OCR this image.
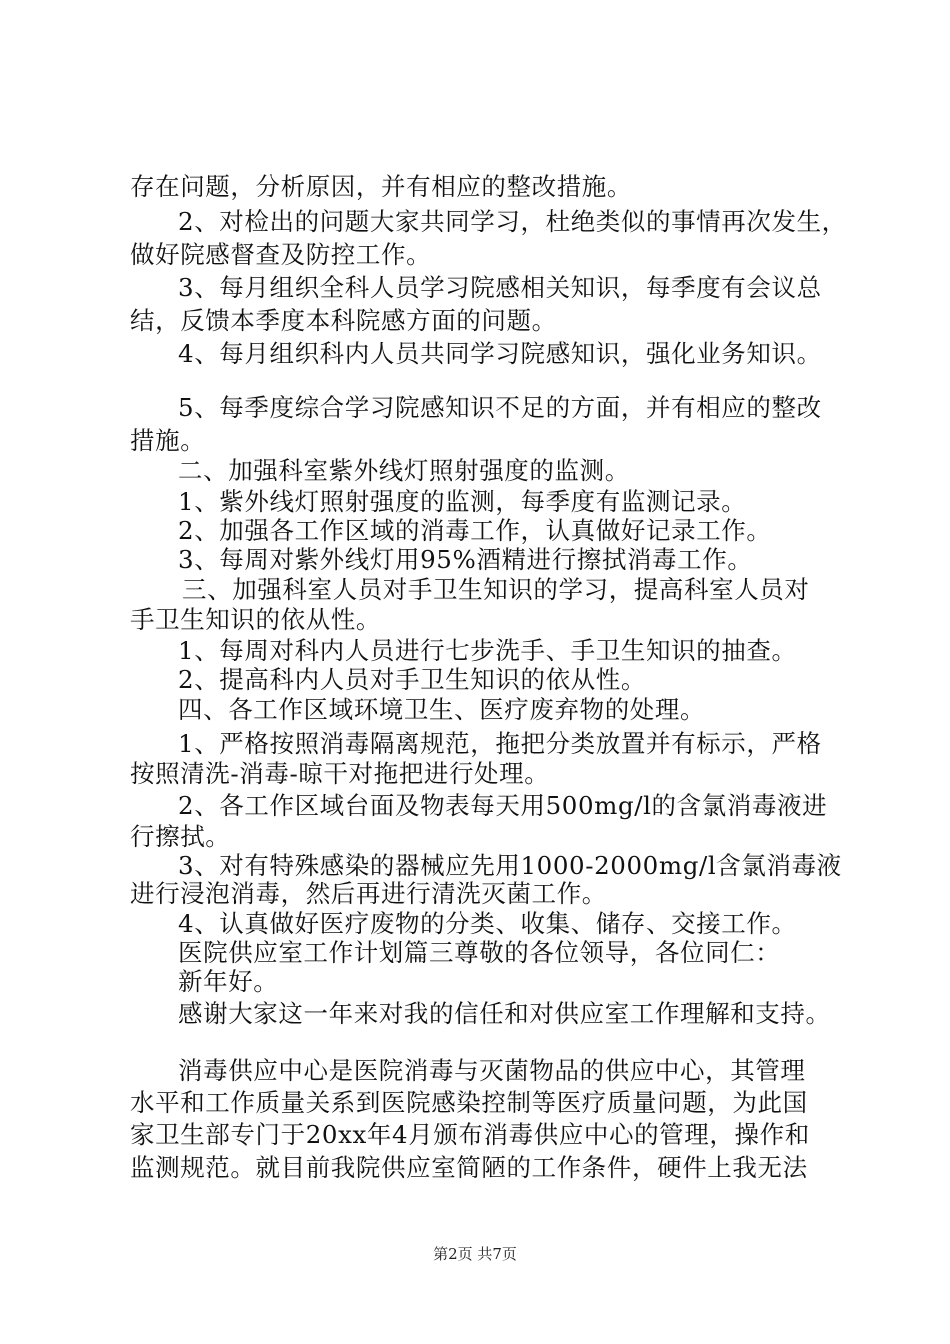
存在问题，分析原因，并有相应的整改措施。
2、对检出的问题大家共同学习，杜绝类似的事情再次发生，
做好院感督查及防控工作。
3、每月组织全科人员学习院感相关知识，每季度有会议总
结，反馈本季度本科院感方面的问题。
4、每月组织科内人员共同学习院感知识，强化业务知识。
5、每季度综合学习院感知识不足的方面，并有相应的整改
措施。
二、加强科室紫外线灯照射强度的监测。
1、紫外线灯照射强度的监测，每季度有监测记录。
2、加强各工作区域的消毒工作，认真做好记录工作。
3、每周对紫外线灯用95%酒精进行擦拭消毒工作。
三、加强科室人员对手卫生知识的学习，提高科室人员对
手卫生知识的依从性。
1、每周对科内人员进行七步洗手、手卫生知识的抽查。
2、提高科内人员对手卫生知识的依从性。
四、各工作区域环境卫生、医疗废弃物的处理。
1、严格按照消毒隔离规范，拖把分类放置并有标示，严格
按照清洗-消毒-晾干对拖把进行处理。
2、各工作区域台面及物表每天用500mg/l的含氯消毒液进
行擦拭。
3、对有特殊感染的器械应先用1000-2000mg/l含氯消毒液
进行浸泡消毒，然后再进行清洗灭菌工作。
4、认真做好医疗废物的分类、收集、储存、交接工作。
医院供应室工作计划篇三尊敬的各位领导，各位同仁：
新年好。
感谢大家这一年来对我的信任和对供应室工作理解和支持。
消毒供应中心是医院消毒与灭菌物品的供应中心，其管理
水平和工作质量关系到医院感染控制等医疗质量问题，为此国
家卫生部专门于20xx年4月颁布消毒供应中心的管理，操作和
监测规范。就目前我院供应室简陋的工作条件，硬件上我无法
第2页 共7页
